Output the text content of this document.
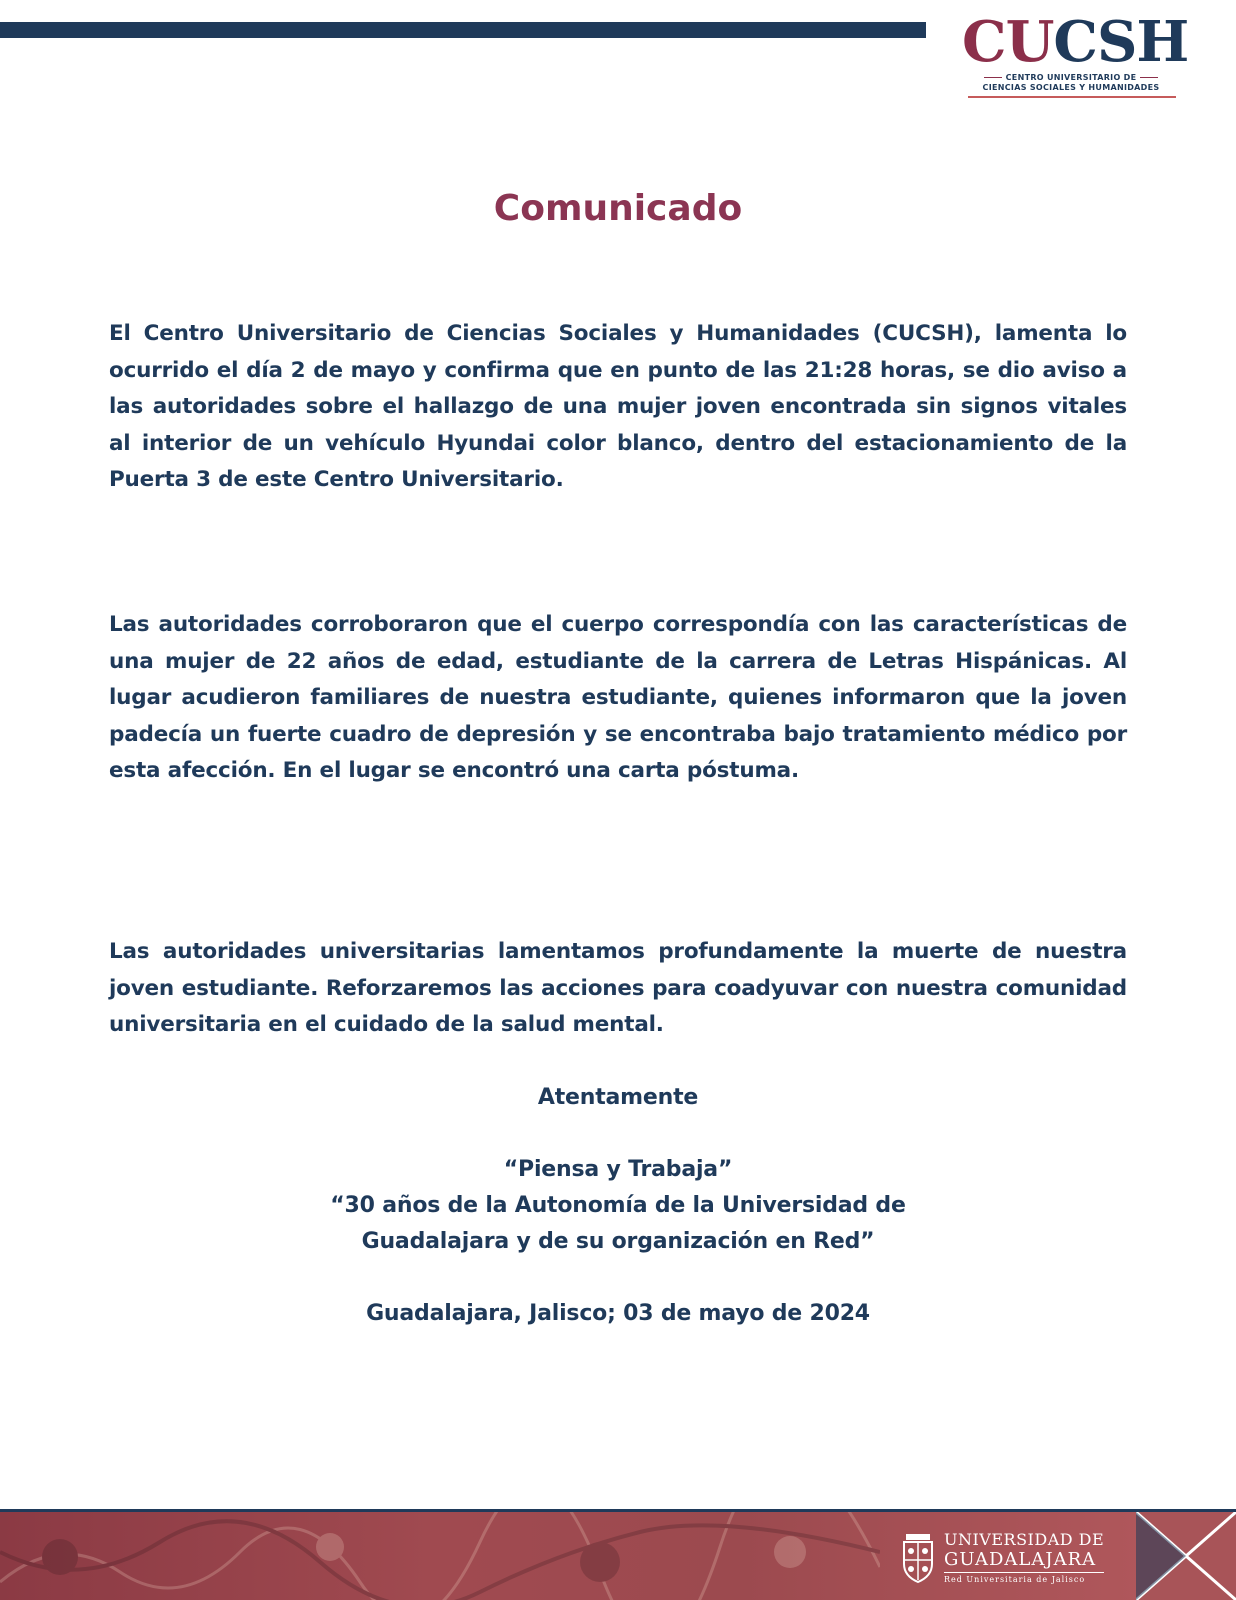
CUCSH
CENTRO UNIVERSITARIO DE
CIENCIAS SOCIALES Y HUMANIDADES
Comunicado

El Centro Universitario de Ciencias Sociales y Humanidades (CUCSH), lamenta lo ocurrido el día 2 de mayo y confirma que en punto de las 21:28 horas, se dio aviso a las autoridades sobre el hallazgo de una mujer joven encontrada sin signos vitales al interior de un vehículo Hyundai color blanco, dentro del estacionamiento de la Puerta 3 de este Centro Universitario.

Las autoridades corroboraron que el cuerpo correspondía con las características de una mujer de 22 años de edad, estudiante de la carrera de Letras Hispánicas. Al lugar acudieron familiares de nuestra estudiante, quienes informaron que la joven padecía un fuerte cuadro de depresión y se encontraba bajo tratamiento médico por esta afección. En el lugar se encontró una carta póstuma.

Las autoridades universitarias lamentamos profundamente la muerte de nuestra joven estudiante. Reforzaremos las acciones para coadyuvar con nuestra comunidad universitaria en el cuidado de la salud mental.

Atentamente

“Piensa y Trabaja”

“30 años de la Autonomía de la Universidad de

Guadalajara y de su organización en Red”

Guadalajara, Jalisco; 03 de mayo de 2024

UNIVERSIDAD DE
GUADALAJARA
Red Universitaria de Jalisco
